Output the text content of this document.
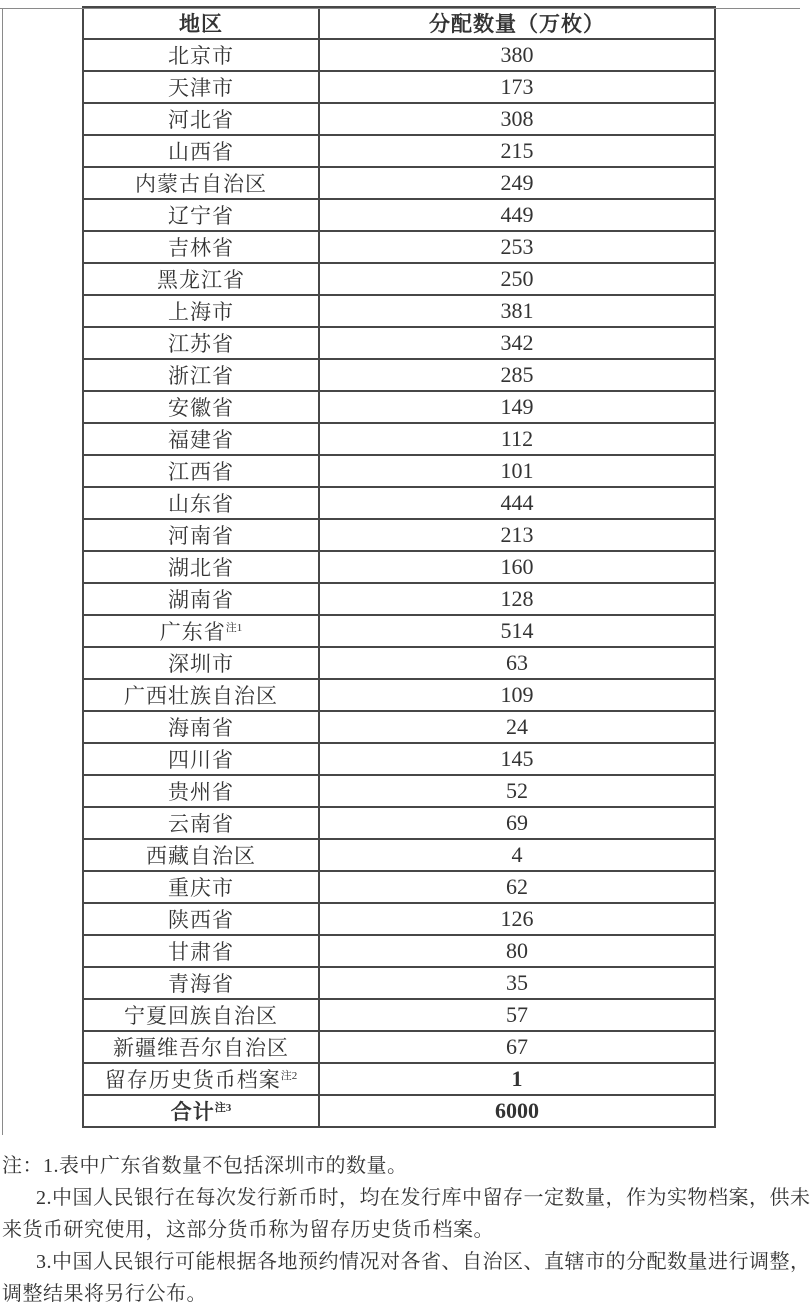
地区	分配数量（万枚）
北京市	380
天津市	173
河北省	308
山西省	215
内蒙古自治区	249
辽宁省	449
吉林省	253
黑龙江省	250
上海市	381
江苏省	342
浙江省	285
安徽省	149
福建省	112
江西省	101
山东省	444
河南省	213
湖北省	160
湖南省	128
广东省$^{注1}$	514
深圳市	63
广西壮族自治区	109
海南省	24
四川省	145
贵州省	52
云南省	69
西藏自治区	4
重庆市	62
陕西省	126
甘肃省	80
青海省	35
宁夏回族自治区	57
新疆维吾尔自治区	67
留存历史货币档案$^{注2}$	1
合计$^{注3}$	6000
注：1.表中广东省数量不包括深圳市的数量。
2.中国人民银行在每次发行新币时，均在发行库中留存一定数量，作为实物档案，供未
来货币研究使用，这部分货币称为留存历史货币档案。
3.中国人民银行可能根据各地预约情况对各省、自治区、直辖市的分配数量进行调整，
调整结果将另行公布。
